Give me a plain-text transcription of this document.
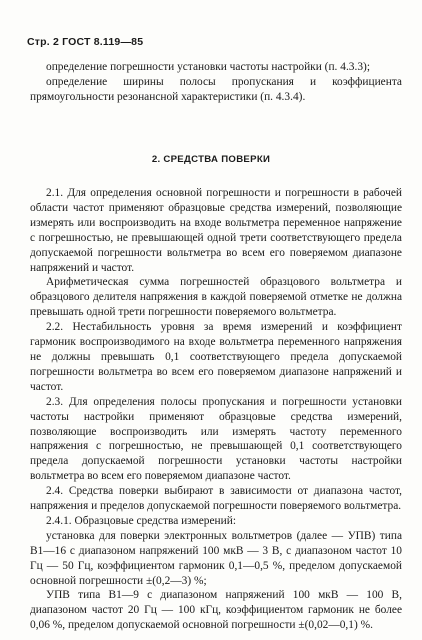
Стр. 2 ГОСТ 8.119—85

определение погрешности установки частоты настройки (п. 4.3.3);

определение ширины полосы пропускания и коэффициента прямоугольности резонансной характеристики (п. 4.3.4).

2. СРЕДСТВА ПОВЕРКИ

2.1. Для определения основной погрешности и погрешности в рабочей области частот применяют образцовые средства измерений, позволяющие измерять или воспроизводить на входе вольтметра переменное напряжение с погрешностью, не превышающей одной трети соответствующего предела допускаемой погрешности вольтметра во всем его поверяемом диапазоне напряжений и частот.

Арифметическая сумма погрешностей образцового вольтметра и образцового делителя напряжения в каждой поверяемой отметке не должна превышать одной трети погрешности поверяемого вольтметра.

2.2. Нестабильность уровня за время измерений и коэффициент гармоник воспроизводимого на входе вольтметра переменного напряжения не должны превышать 0,1 соответствующего предела допускаемой погрешности вольтметра во всем его поверяемом диапазоне напряжений и частот.

2.3. Для определения полосы пропускания и погрешности установки частоты настройки применяют образцовые средства измерений, позволяющие воспроизводить или измерять частоту переменного напряжения с погрешностью, не превышающей 0,1 соответствующего предела допускаемой погрешности установки частоты настройки вольтметра во всем его поверяемом диапазоне частот.

2.4. Средства поверки выбирают в зависимости от диапазона частот, напряжения и пределов допускаемой погрешности поверяемого вольтметра.

2.4.1. Образцовые средства измерений:

установка для поверки электронных вольтметров (далее — УПВ) типа В1—16 с диапазоном напряжений 100 мкВ — 3 В, с диапазоном частот 10 Гц — 50 Гц, коэффициентом гармоник 0,1—0,5 %, пределом допускаемой основной погрешности ±(0,2—3) %;

УПВ типа В1—9 с диапазоном напряжений 100 мкВ — 100 В, диапазоном частот 20 Гц — 100 кГц, коэффициентом гармоник не более 0,06 %, пределом допускаемой основной погрешности ±(0,02—0,1) %.
